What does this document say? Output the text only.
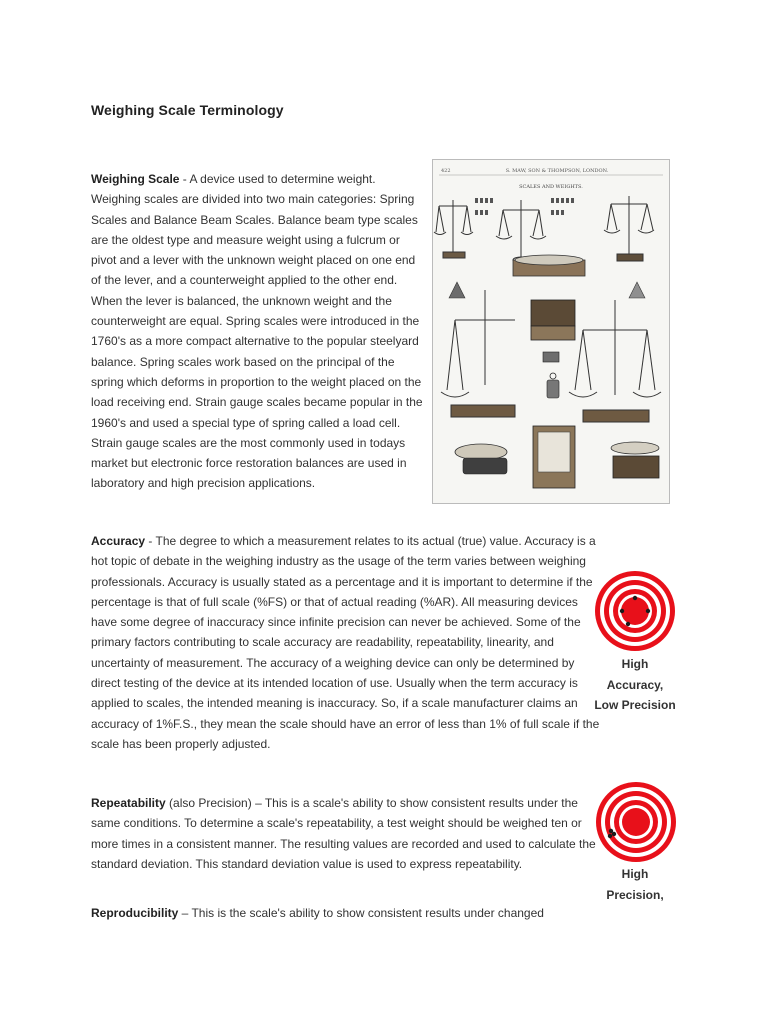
Weighing Scale Terminology

Weighing Scale - A device used to determine weight. Weighing scales are divided into two main categories: Spring Scales and Balance Beam Scales. Balance beam type scales are the oldest type and measure weight using a fulcrum or pivot and a lever with the unknown weight placed on one end of the lever, and a counterweight applied to the other end. When the lever is balanced, the unknown weight and the counterweight are equal. Spring scales were introduced in the 1760's as a more compact alternative to the popular steelyard balance. Spring scales work based on the principal of the spring which deforms in proportion to the weight placed on the load receiving end. Strain gauge scales became popular in the 1960's and used a special type of spring called a load cell. Strain gauge scales are the most commonly used in todays market but electronic force restoration balances are used in laboratory and high precision applications.

422	S. MAW, SON & THOMPSON, LONDON.
SCALES AND WEIGHTS.

Accuracy - The degree to which a measurement relates to its actual (true) value. Accuracy is a hot topic of debate in the weighing industry as the usage of the term varies between weighing professionals. Accuracy is usually stated as a percentage and it is important to determine if the percentage is that of full scale (%FS) or that of actual reading (%AR). All measuring devices have some degree of inaccuracy since infinite precision can never be achieved. Some of the primary factors contributing to scale accuracy are readability, repeatability, linearity, and uncertainty of measurement. The accuracy of a weighing device can only be determined by direct testing of the device at its intended location of use. Usually when the term accuracy is applied to scales, the intended meaning is inaccuracy. So, if a scale manufacturer claims an accuracy of 1%F.S., they mean the scale should have an error of less than 1% of full scale if the scale has been properly adjusted.

High
Accuracy,
Low Precision

Repeatability (also Precision) – This is a scale's ability to show consistent results under the same conditions. To determine a scale's repeatability, a test weight should be weighed ten or more times in a consistent manner. The resulting values are recorded and used to calculate the standard deviation. This standard deviation value is used to express repeatability.

High
Precision,

Reproducibility – This is the scale's ability to show consistent results under changed
